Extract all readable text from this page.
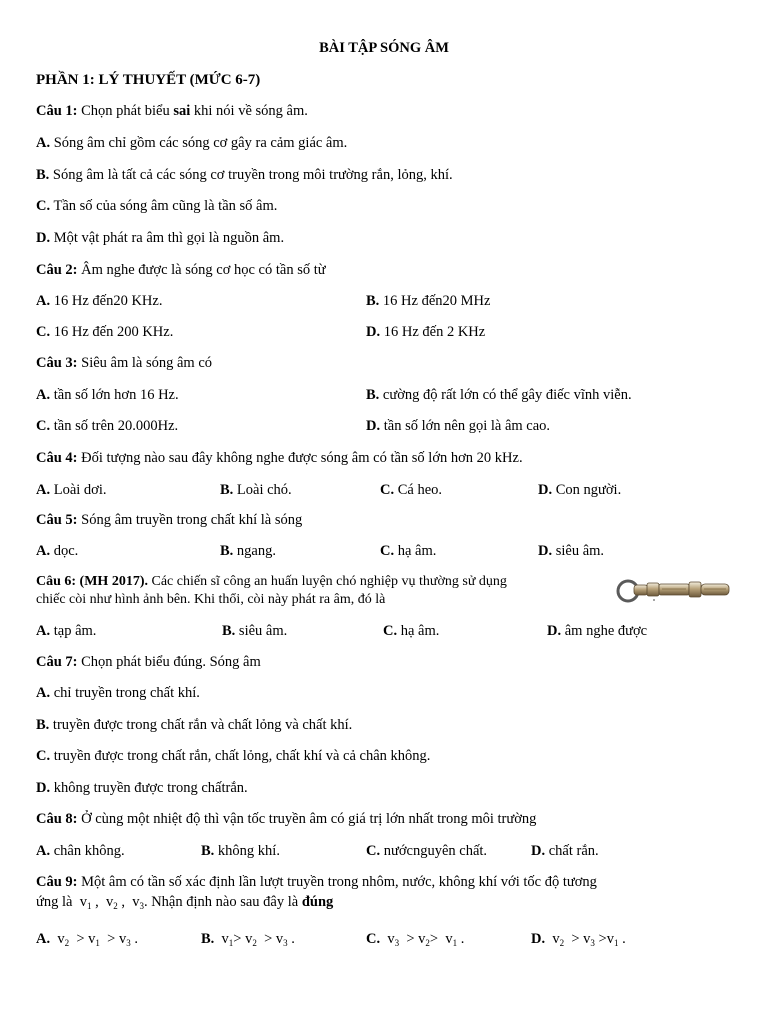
BÀI TẬP SÓNG ÂM
PHẦN 1: LÝ THUYẾT (MỨC 6-7)
Câu 1: Chọn phát biểu sai khi nói về sóng âm.
A. Sóng âm chỉ gồm các sóng cơ gây ra cảm giác âm.
B. Sóng âm là tất cả các sóng cơ truyền trong môi trường rắn, lỏng, khí.
C. Tần số của sóng âm cũng là tần số âm.
D. Một vật phát ra âm thì gọi là nguồn âm.
Câu 2: Âm nghe được là sóng cơ học có tần số từ
A. 16 Hz đến20 KHz.	B. 16 Hz đến20 MHz
C. 16 Hz đến 200 KHz.	D. 16 Hz đến 2 KHz
Câu 3: Siêu âm là sóng âm có
A. tần số lớn hơn 16 Hz.	B. cường độ rất lớn có thể gây điếc vĩnh viễn.
C. tần số trên 20.000Hz.	D. tần số lớn nên gọi là âm cao.
Câu 4: Đối tượng nào sau đây không nghe được sóng âm có tần số lớn hơn 20 kHz.
A. Loài dơi.	B. Loài chó.	C. Cá heo.	D. Con người.
Câu 5: Sóng âm truyền trong chất khí là sóng
A. dọc.	B. ngang.	C. hạ âm.	D. siêu âm.
Câu 6: (MH 2017). Các chiến sĩ công an huấn luyện chó nghiệp vụ thường sử dụng
chiếc còi như hình ảnh bên. Khi thổi, còi này phát ra âm, đó là
A. tạp âm.	B. siêu âm.	C. hạ âm.	D. âm nghe được
Câu 7: Chọn phát biểu đúng. Sóng âm
A. chỉ truyền trong chất khí.
B. truyền được trong chất rắn và chất lỏng và chất khí.
C. truyền được trong chất rắn, chất lỏng, chất khí và cả chân không.
D. không truyền được trong chấtrắn.
Câu 8: Ở cùng một nhiệt độ thì vận tốc truyền âm có giá trị lớn nhất trong môi trường
A. chân không.	B. không khí.	C. nướcnguyên chất.	D. chất rắn.
Câu 9: Một âm có tần số xác định lần lượt truyền trong nhôm, nước, không khí với tốc độ tương
ứng là  $v_1$ ,  $v_2$ ,  $v_3$. Nhận định nào sau đây là đúng
A.  $v_2 > v_1 > v_3$ .	B.  $v_1> v_2 > v_3$ .	C.  $v_3 > v_2> v_1$ .	D.  $v_2 > v_3 >v_1$ .
